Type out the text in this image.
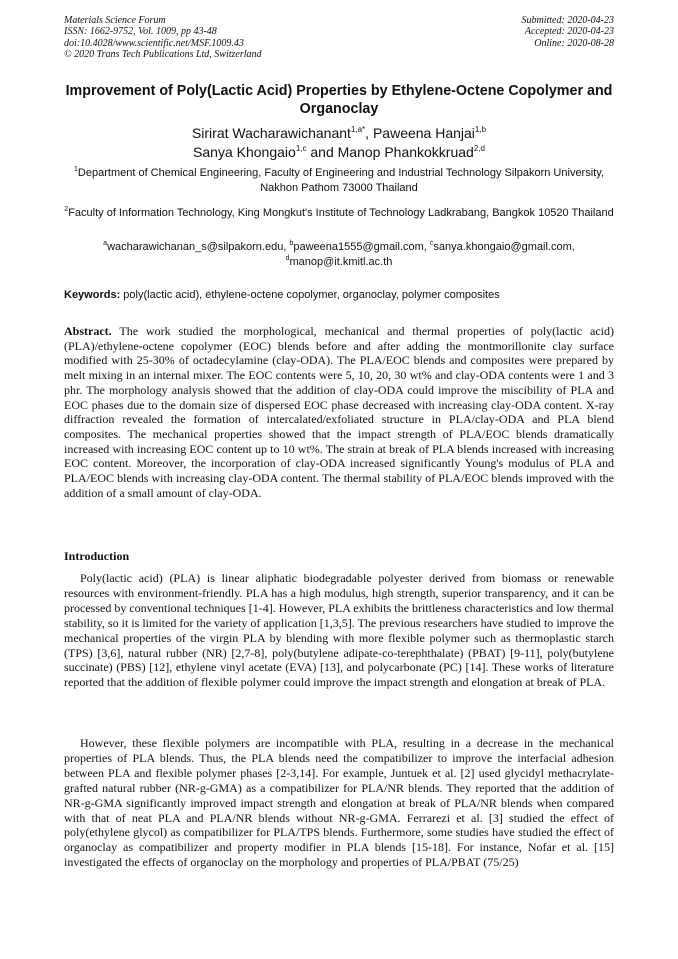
Materials Science Forum
ISSN: 1662-9752, Vol. 1009, pp 43-48
doi:10.4028/www.scientific.net/MSF.1009.43
© 2020 Trans Tech Publications Ltd, Switzerland
Submitted: 2020-04-23
Accepted: 2020-04-23
Online: 2020-08-28
Improvement of Poly(Lactic Acid) Properties by Ethylene-Octene Copolymer and Organoclay
Sirirat Wacharawichanant$^{1,a*}$, Paweena Hanjai$^{1,b}$
Sanya Khongaio$^{1,c}$ and Manop Phankokkruad$^{2,d}$
$^1$Department of Chemical Engineering, Faculty of Engineering and Industrial Technology Silpakorn University, Nakhon Pathom 73000 Thailand
$^2$Faculty of Information Technology, King Mongkut's Institute of Technology Ladkrabang, Bangkok 10520 Thailand
$^a$wacharawichanan_s@silpakorn.edu, $^b$paweena1555@gmail.com, $^c$sanya.khongaio@gmail.com,
$^d$manop@it.kmitl.ac.th

Keywords: poly(lactic acid), ethylene-octene copolymer, organoclay, polymer composites

Abstract. The work studied the morphological, mechanical and thermal properties of poly(lactic acid) (PLA)/ethylene-octene copolymer (EOC) blends before and after adding the montmorillonite clay surface modified with 25-30% of octadecylamine (clay-ODA). The PLA/EOC blends and composites were prepared by melt mixing in an internal mixer. The EOC contents were 5, 10, 20, 30 wt% and clay-ODA contents were 1 and 3 phr. The morphology analysis showed that the addition of clay-ODA could improve the miscibility of PLA and EOC phases due to the domain size of dispersed EOC phase decreased with increasing clay-ODA content. X-ray diffraction revealed the formation of intercalated/exfoliated structure in PLA/clay-ODA and PLA blend composites. The mechanical properties showed that the impact strength of PLA/EOC blends dramatically increased with increasing EOC content up to 10 wt%. The strain at break of PLA blends increased with increasing EOC content. Moreover, the incorporation of clay-ODA increased significantly Young's modulus of PLA and PLA/EOC blends with increasing clay-ODA content. The thermal stability of PLA/EOC blends improved with the addition of a small amount of clay-ODA.

Introduction

Poly(lactic acid) (PLA) is linear aliphatic biodegradable polyester derived from biomass or renewable resources with environment-friendly. PLA has a high modulus, high strength, superior transparency, and it can be processed by conventional techniques [1-4]. However, PLA exhibits the brittleness characteristics and low thermal stability, so it is limited for the variety of application [1,3,5]. The previous researchers have studied to improve the mechanical properties of the virgin PLA by blending with more flexible polymer such as thermoplastic starch (TPS) [3,6], natural rubber (NR) [2,7-8], poly(butylene adipate-co-terephthalate) (PBAT) [9-11], poly(butylene succinate) (PBS) [12], ethylene vinyl acetate (EVA) [13], and polycarbonate (PC) [14]. These works of literature reported that the addition of flexible polymer could improve the impact strength and elongation at break of PLA.

However, these flexible polymers are incompatible with PLA, resulting in a decrease in the mechanical properties of PLA blends. Thus, the PLA blends need the compatibilizer to improve the interfacial adhesion between PLA and flexible polymer phases [2-3,14]. For example, Juntuek et al. [2] used glycidyl methacrylate-grafted natural rubber (NR-g-GMA) as a compatibilizer for PLA/NR blends. They reported that the addition of NR-g-GMA significantly improved impact strength and elongation at break of PLA/NR blends when compared with that of neat PLA and PLA/NR blends without NR-g-GMA. Ferrarezi et al. [3] studied the effect of poly(ethylene glycol) as compatibilizer for PLA/TPS blends. Furthermore, some studies have studied the effect of organoclay as compatibilizer and property modifier in PLA blends [15-18]. For instance, Nofar et al. [15] investigated the effects of organoclay on the morphology and properties of PLA/PBAT (75/25)
